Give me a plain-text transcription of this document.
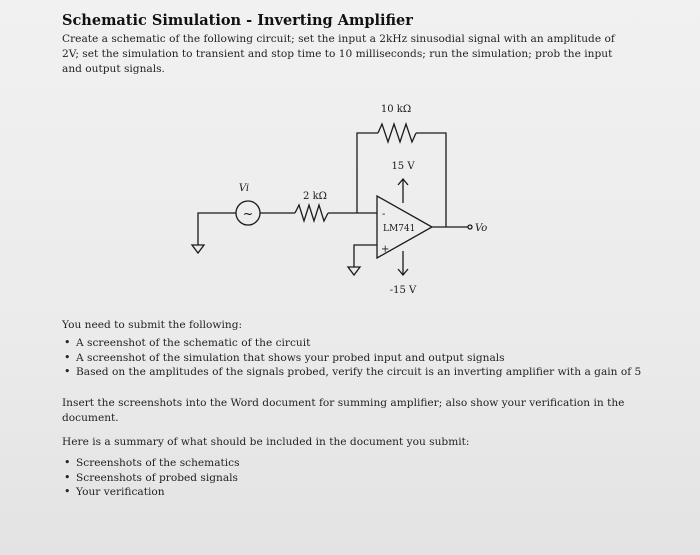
Schematic Simulation - Inverting Amplifier
Create a schematic of the following circuit; set the input a 2kHz sinusodial signal with an amplitude of 2V; set the simulation to transient and stop time to 10 milliseconds; run the simulation; prob the input and output signals.
10 kΩ
15 V
-
+
LM741	Vo
-15 V
2 kΩ
Vi
~
You need to submit the following:
• A screenshot of the schematic of the circuit
• A screenshot of the simulation that shows your probed input and output signals
• Based on the amplitudes of the signals probed, verify the circuit is an inverting amplifier with a gain of 5
Insert the screenshots into the Word document for summing amplifier; also show your verification in the document.
Here is a summary of what should be included in the document you submit:
• Screenshots of the schematics
• Screenshots of probed signals
• Your verification
